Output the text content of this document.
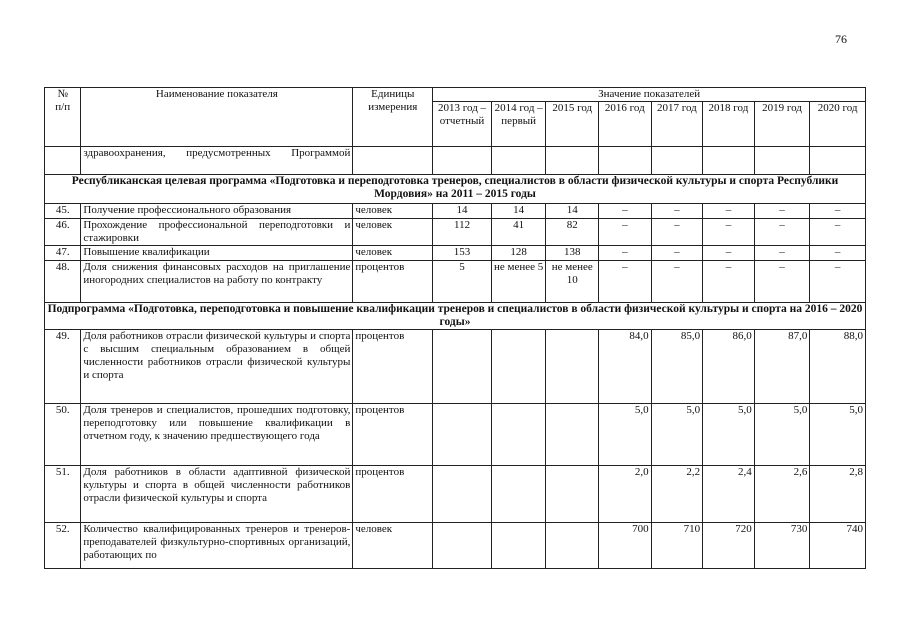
76
№
п/п	Наименование показателя	Единицы измерения	Значение показателей							
			2013 год – отчетный	2014 год – первый	2015 год	2016 год	2017 год	2018 год	2019 год	2020 год
	здравоохранения, предусмотренных Программой									
Республиканская целевая программа «Подготовка и переподготовка тренеров, специалистов в области физической культуры и спорта Республики Мордовия» на 2011 – 2015 годы										
45.	Получение профессионального образования	человек	14	14	14	–	–	–	–	–
46.	Прохождение профессиональной переподготовки и стажировки	человек	112	41	82	–	–	–	–	–
47.	Повышение квалификации	человек	153	128	138	–	–	–	–	–
48.	Доля снижения финансовых расходов на приглашение иногородних специалистов на работу по контракту	процентов	5	не менее 5	не менее 10	–	–	–	–	–
Подпрограмма «Подготовка, переподготовка и повышение квалификации тренеров и специалистов в области физической культуры и спорта на 2016 – 2020 годы»										
49.	Доля работников отрасли физической культуры и спорта с высшим специальным образованием в общей численности работников отрасли физической культуры и спорта	процентов				84,0	85,0	86,0	87,0	88,0
50.	Доля тренеров и специалистов, прошедших подготовку, переподготовку или повышение квалификации в отчетном году, к значению предшествующего года	процентов				5,0	5,0	5,0	5,0	5,0
51.	Доля работников в области адаптивной физической культуры и спорта в общей численности работников отрасли физической культуры и спорта	процентов				2,0	2,2	2,4	2,6	2,8
52.	Количество квалифицированных тренеров и тренеров-преподавателей физкультурно-спортивных организаций, работающих по	человек				700	710	720	730	740
